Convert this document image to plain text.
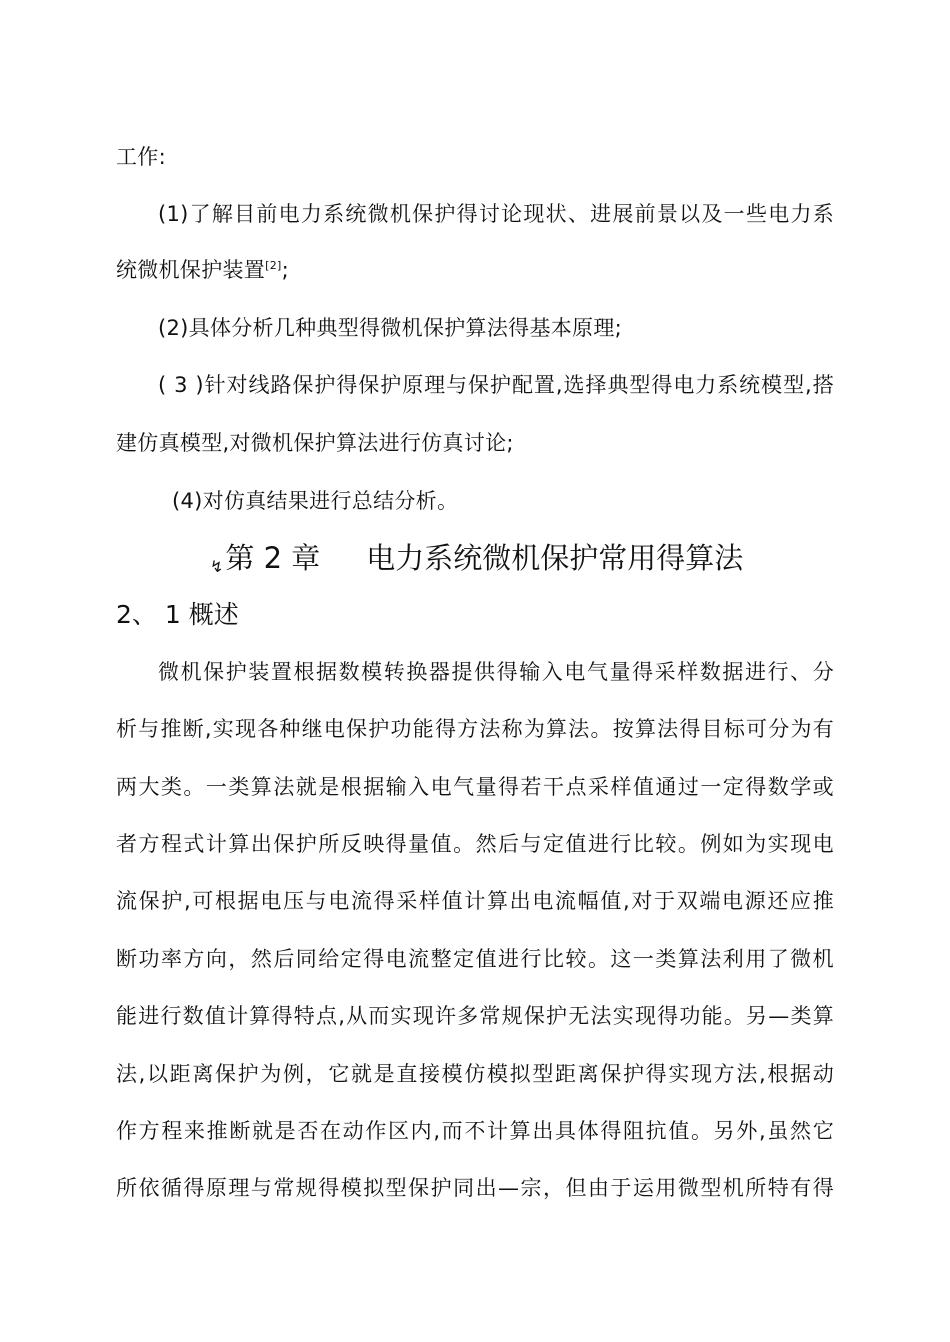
工作:
(1)了解目前电力系统微机保护得讨论现状、进展前景以及一些电力系
统微机保护装置[2];
(2)具体分析几种典型得微机保护算法得基本原理;
( 3 )针对线路保护得保护原理与保护配置,选择典型得电力系统模型,搭
建仿真模型,对微机保护算法进行仿真讨论;
(4)对仿真结果进行总结分析。
↯第 2 章 电力系统微机保护常用得算法
2、 1 概述
微机保护装置根据数模转换器提供得输入电气量得采样数据进行、分
析与推断,实现各种继电保护功能得方法称为算法。按算法得目标可分为有
两大类。一类算法就是根据输入电气量得若干点采样值通过一定得数学或
者方程式计算出保护所反映得量值。然后与定值进行比较。例如为实现电
流保护,可根据电压与电流得采样值计算出电流幅值,对于双端电源还应推
断功率方向，然后同给定得电流整定值进行比较。这一类算法利用了微机
能进行数值计算得特点,从而实现许多常规保护无法实现得功能。另—类算
法,以距离保护为例，它就是直接模仿模拟型距离保护得实现方法,根据动
作方程来推断就是否在动作区内,而不计算出具体得阻抗值。另外,虽然它
所依循得原理与常规得模拟型保护同出—宗，但由于运用微型机所特有得
